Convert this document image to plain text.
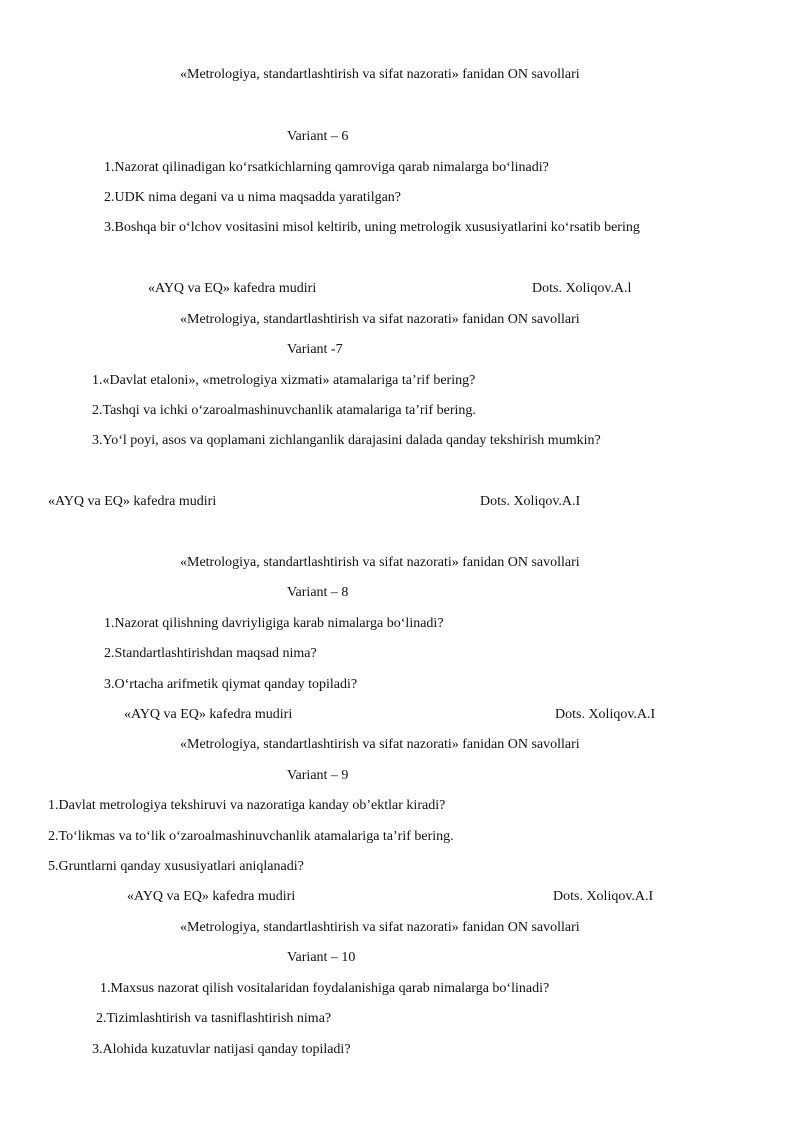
«Metrologiya, standartlashtirish va sifat nazorati» fanidan ON savollari
Variant – 6
1.Nazorat qilinadigan ko‘rsatkichlarning qamroviga qarab nimalarga bo‘linadi?
2.UDK nima degani va u nima maqsadda yaratilgan?
3.Boshqa bir o‘lchov vositasini misol keltirib, uning metrologik xususiyatlarini ko‘rsatib bering
«AYQ va EQ» kafedra mudiri	Dots. Xoliqov.A.l
«Metrologiya, standartlashtirish va sifat nazorati» fanidan ON savollari
Variant -7
1.«Davlat etaloni», «metrologiya xizmati» atamalariga ta’rif bering?
2.Tashqi va ichki o‘zaroalmashinuvchanlik atamalariga ta’rif bering.
3.Yo‘l poyi, asos va qoplamani zichlanganlik darajasini dalada qanday tekshirish mumkin?
«AYQ va EQ» kafedra mudiri	Dots. Xoliqov.A.I
«Metrologiya, standartlashtirish va sifat nazorati» fanidan ON savollari
Variant – 8
1.Nazorat qilishning davriyligiga karab nimalarga bo‘linadi?
2.Standartlashtirishdan maqsad nima?
3.O‘rtacha arifmetik qiymat qanday topiladi?
«AYQ va EQ» kafedra mudiri	Dots. Xoliqov.A.I
«Metrologiya, standartlashtirish va sifat nazorati» fanidan ON savollari
Variant – 9
1.Davlat metrologiya tekshiruvi va nazoratiga kanday ob’ektlar kiradi?
2.To‘likmas va to‘lik o‘zaroalmashinuvchanlik atamalariga ta’rif bering.
5.Gruntlarni qanday xususiyatlari aniqlanadi?
«AYQ va EQ» kafedra mudiri	Dots. Xoliqov.A.I
«Metrologiya, standartlashtirish va sifat nazorati» fanidan ON savollari
Variant – 10
1.Maxsus nazorat qilish vositalaridan foydalanishiga qarab nimalarga bo‘linadi?
2.Tizimlashtirish va tasniflashtirish nima?
3.Alohida kuzatuvlar natijasi qanday topiladi?
